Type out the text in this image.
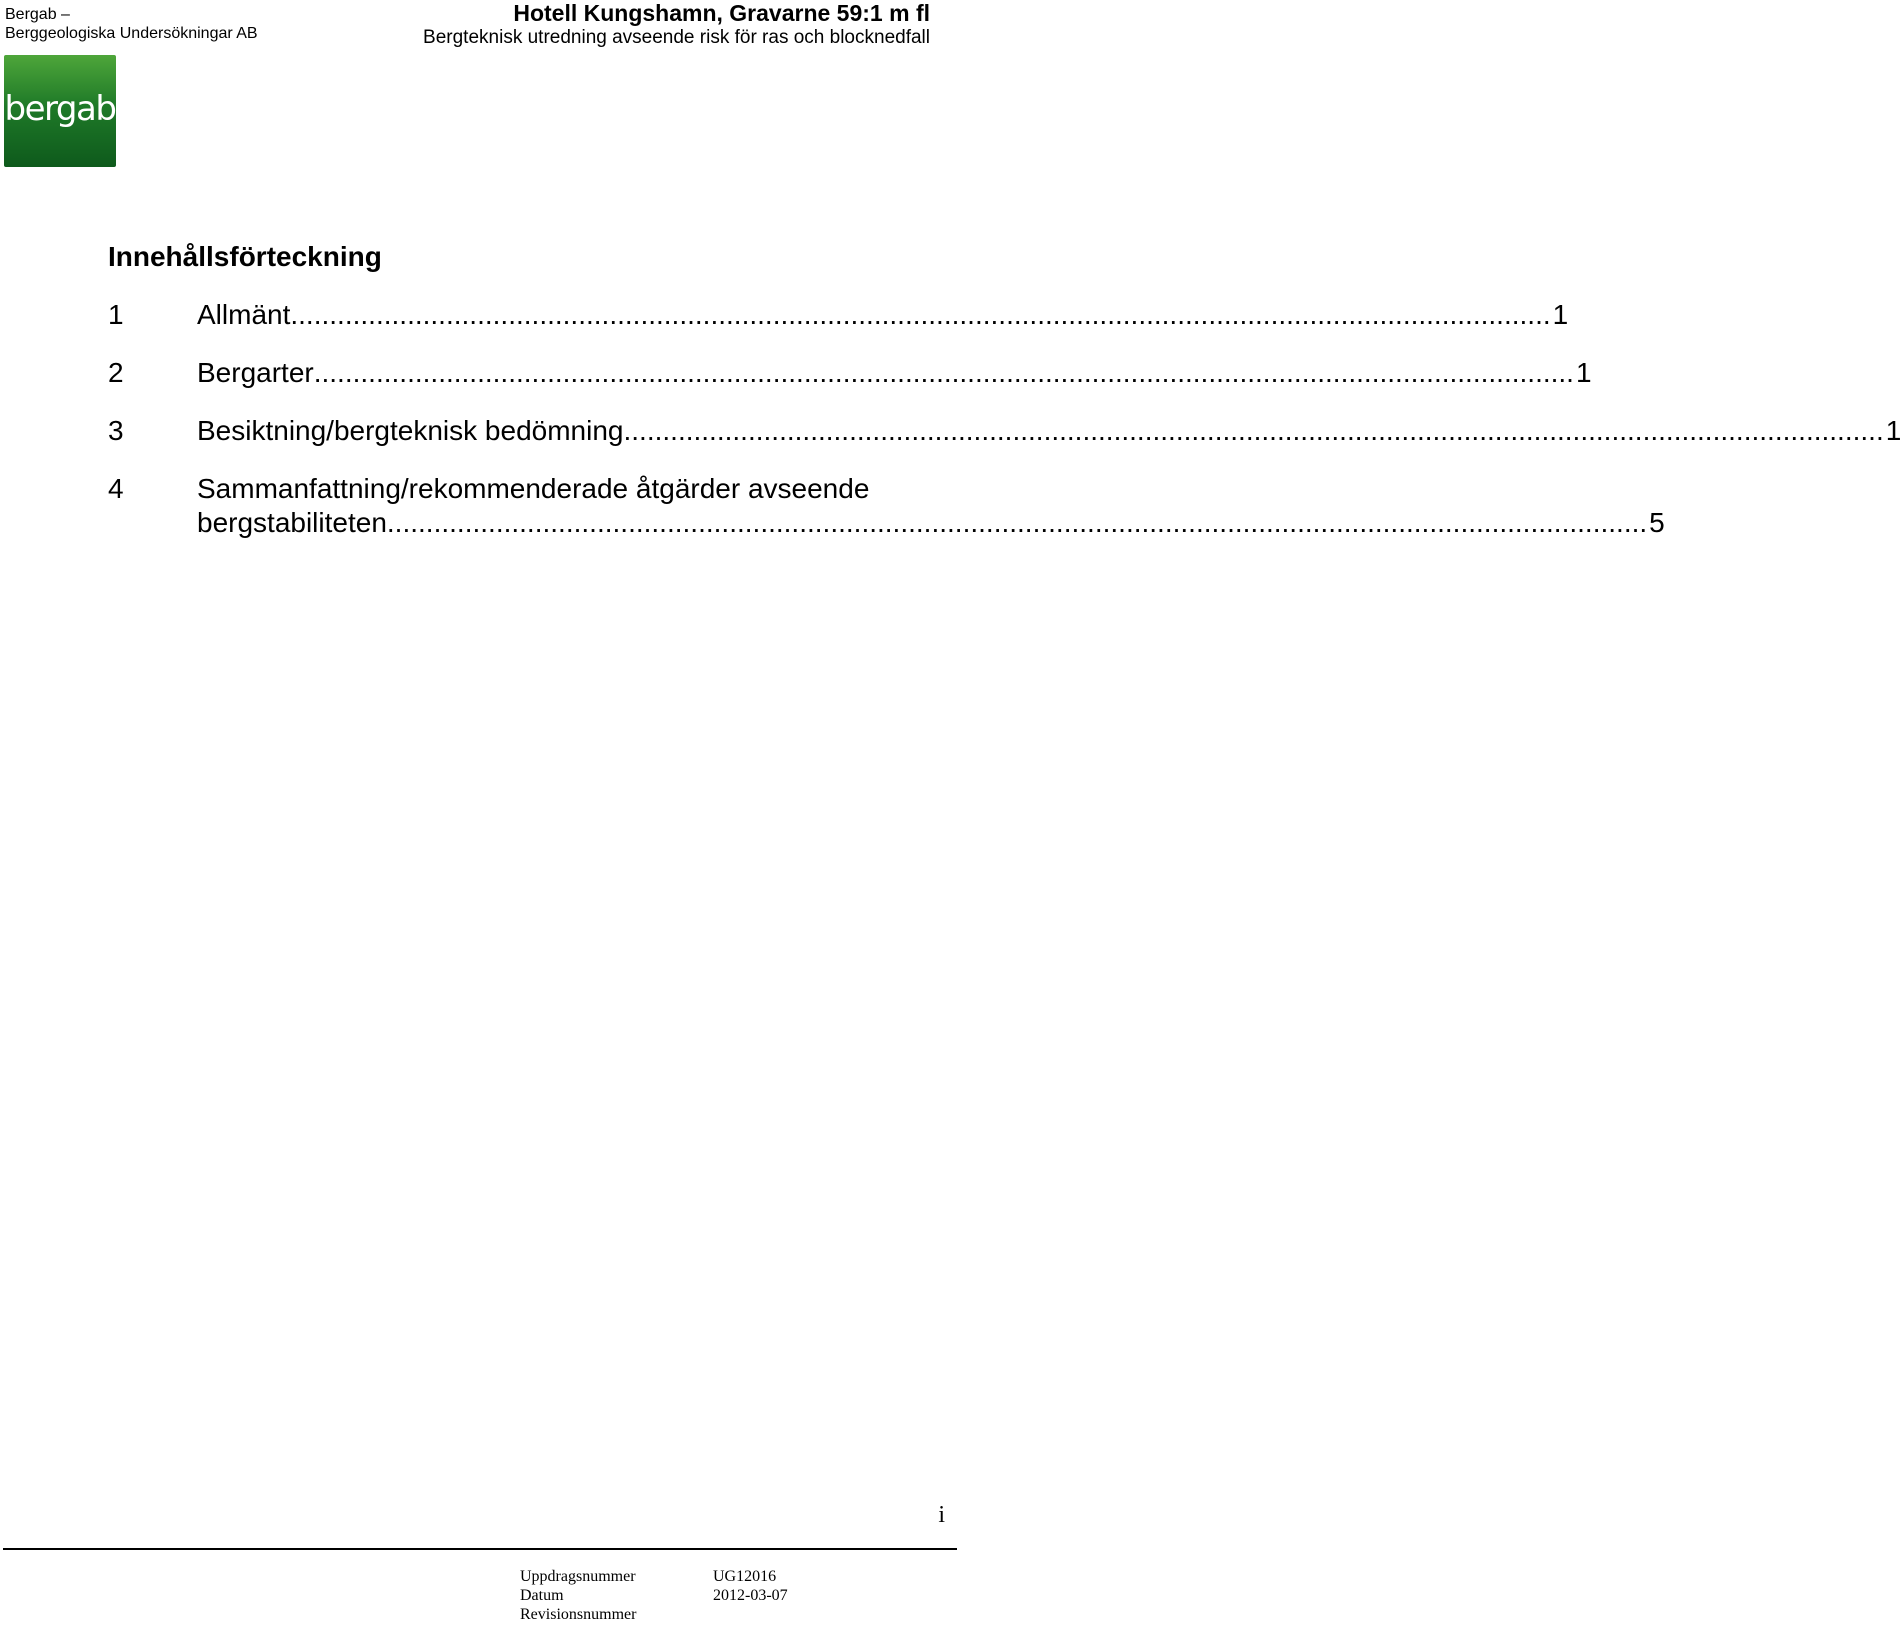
Bergab –
Berggeologiska Undersökningar AB
Hotell Kungshamn, Gravarne 59:1 m fl
Bergteknisk utredning avseende risk för ras och blocknedfall
bergab
Innehållsförteckning
1	Allmänt .....	1
2	Bergarter .....	1
3	Besiktning/bergteknisk bedömning .....	1
4	Sammanfattning/rekommenderade åtgärder avseende
bergstabiliteten .....	5
i
Uppdragsnummer	UG12016
Datum	2012-03-07
Revisionsnummer
